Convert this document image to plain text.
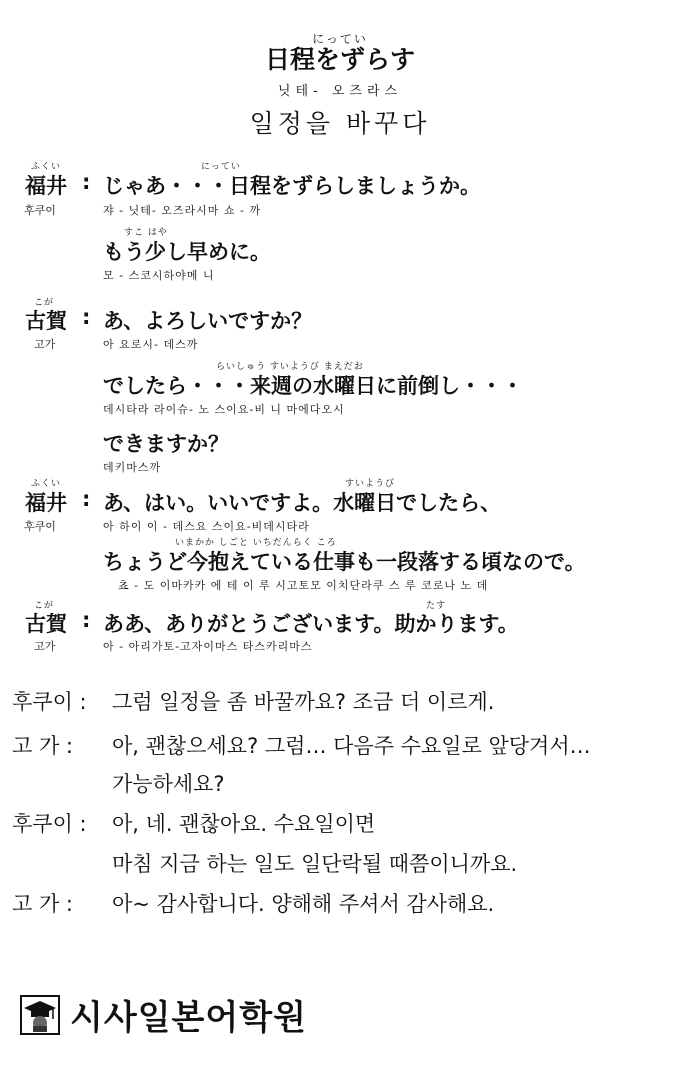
にってい
日程をずらす
닛테- 오즈라스
일정을 바꾸다
ふくい
福井 :
후쿠이
にってい
じゃあ・・・日程をずらしましょうか。
쟈 - 닛테- 오즈라시마 쇼 - 까
すこ はや
もう少し早めに。
모 - 스코시하야메 니
こが
古賀 :
고가
あ、よろしいですか？
아 요로시- 데스까
らいしゅう すいようび まえだお
でしたら・・・来週の水曜日に前倒し・・・
데시타라 라이슈- 노 스이요-비 니 마에다오시
できますか？
데키마스까
ふくい
福井 :
후쿠이
すいようび
あ、はい。いいですよ。水曜日でしたら、
아 하이 이 - 데스요 스이요-비데시타라
いまかか しごと いちだんらく ころ
ちょうど今抱えている仕事も一段落する頃なので。
쵸 - 도 이마카카 에 테 이 루 시고토모 이치단라쿠 스 루 코로나 노 데
こが
古賀 :
고가
たす
ああ、ありがとうございます。助かります。
아 - 아리가토-고자이마스 타스카리마스
후쿠이 : 그럼 일정을 좀 바꿀까요? 조금 더 이르게.
고 가 : 아, 괜찮으세요? 그럼… 다음주 수요일로 앞당겨서…
가능하세요?
후쿠이 : 아, 네. 괜찮아요. 수요일이면
마침 지금 하는 일도 일단락될 때쯤이니까요.
고 가 : 아~ 감사합니다. 양해해 주셔서 감사해요.
시사일본어학원
